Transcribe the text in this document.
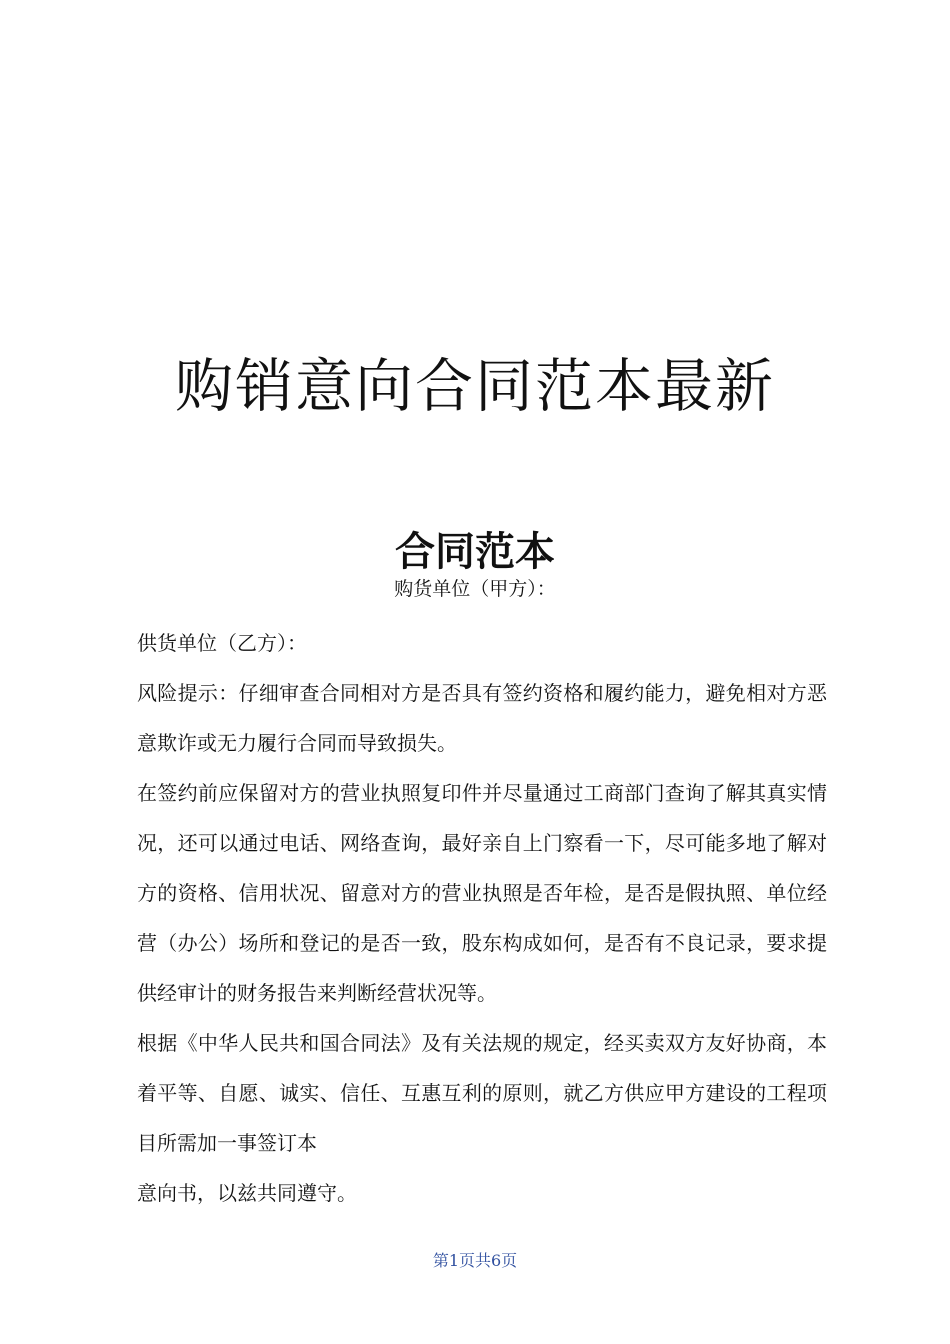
购销意向合同范本最新
合同范本
购货单位（甲方）：

供货单位（乙方）：

风险提示：仔细审查合同相对方是否具有签约资格和履约能力，避免相对方恶意欺诈或无力履行合同而导致损失。

在签约前应保留对方的营业执照复印件并尽量通过工商部门查询了解其真实情况，还可以通过电话、网络查询，最好亲自上门察看一下，尽可能多地了解对方的资格、信用状况、留意对方的营业执照是否年检，是否是假执照、单位经营（办公）场所和登记的是否一致，股东构成如何，是否有不良记录，要求提供经审计的财务报告来判断经营状况等。

根据《中华人民共和国合同法》及有关法规的规定，经买卖双方友好协商，本着平等、自愿、诚实、信任、互惠互利的原则，就乙方供应甲方建设的工程项目所需加一事签订本

意向书，以兹共同遵守。

第1页共6页
